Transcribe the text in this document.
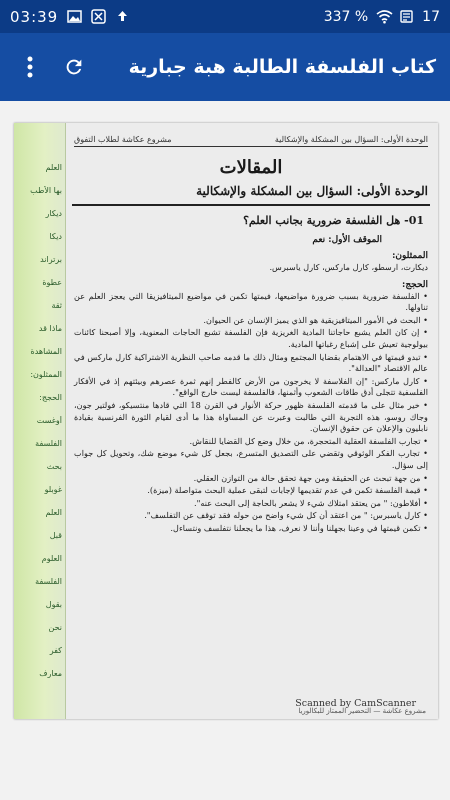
03:39	337 %	17
كتاب الفلسفة الطالبة هبة جبارية
العلم
بها الأطب
دیکار
دیکا
برتراند
عطوة
ثقة
ماذا قد
المشاهدة
الممثلون:
الحجج:
أوغست
الفلسفة
بحث
غوبلو
العلم
قبل
العلوم
الفلسفة
بقول
نحن
كفر
معارف
الوحدة الأولى: السؤال بين المشكلة والإشكالية
مشروع عكاشة لطلاب التفوق
المقالات
الوحدة الأولى: السؤال بين المشكلة والإشكالية
01- هل الفلسفة ضرورية بجانب العلم؟
الموقف الأول: نعم
الممثلون:
ديكارت، ارسطو، كارل ماركس، كارل ياسبرس.
الحجج:
• الفلسفة ضرورية بسبب ضرورة مواضيعها، فيمتها تكمن في مواضيع الميتافيزيقا التي يعجز العلم عن تناولها.
• البحث في الأمور الميتافيزيقية هو الذي يميز الإنسان عن الحيوان.
• إن كان العلم يشبع حاجاتنا المادية الغريزية فإن الفلسفة تشبع الحاجات المعنوية، وإلا أصبحنا كائنات بيولوجية تعيش على إشباع رغباتها المادية.
• تبدو قيمتها في الاهتمام بقضايا المجتمع ومثال ذلك ما قدمه صاحب النظرية الاشتراكية كارل ماركس في عالم الاقتصاد "العدالة".
• كارل ماركس: "إن الفلاسفة لا يخرجون من الأرض كالفطر إنهم ثمرة عصرهم وبيئتهم إذ في الأفكار الفلسفية تتجلى أدق طاقات الشعوب وأثمنها، فالفلسفة ليست خارج الواقع".
• خير مثال على ما قدمته الفلسفة ظهور حركة الأنوار في القرن 18 التي قادها منتسيكو، فولتير جون، وجاك روسو، هذه التجربة التي طالبت وعبرت عن المساواة هذا ما أدى لقيام الثورة الفرنسية بقيادة نابليون والإعلان عن حقوق الإنسان.
• تجارب الفلسفة العقلية المتحجرة، من خلال وضع كل القضايا للنقاش.
• تجارب الفكر الوثوقي وتقضي على التصديق المتسرع، بجعل كل شيء موضع شك، وتحويل كل جواب إلى سؤال.
• من جهة تبحث عن الحقيقة ومن جهة تحقق حالة من التوازن العقلي.
• قيمة الفلسفة تكمن في عدم تقديمها لإجابات لتبقى عملية البحث متواصلة (ميزة).
• أفلاطون: " من يعتقد امتلاك شيء لا يشعر بالحاجة إلى البحث عنه".
• كارل ياسبرس: " من اعتقد أن كل شيء واضح من حوله فقد توقف عن التفلسف".
• تكمن قيمتها في وعينا بجهلنا وأننا لا نعرف، هذا ما يجعلنا نتفلسف ونتساءل.
مشروع عكاشة — التحضير الممتاز للبكالوريا
Scanned by CamScanner
